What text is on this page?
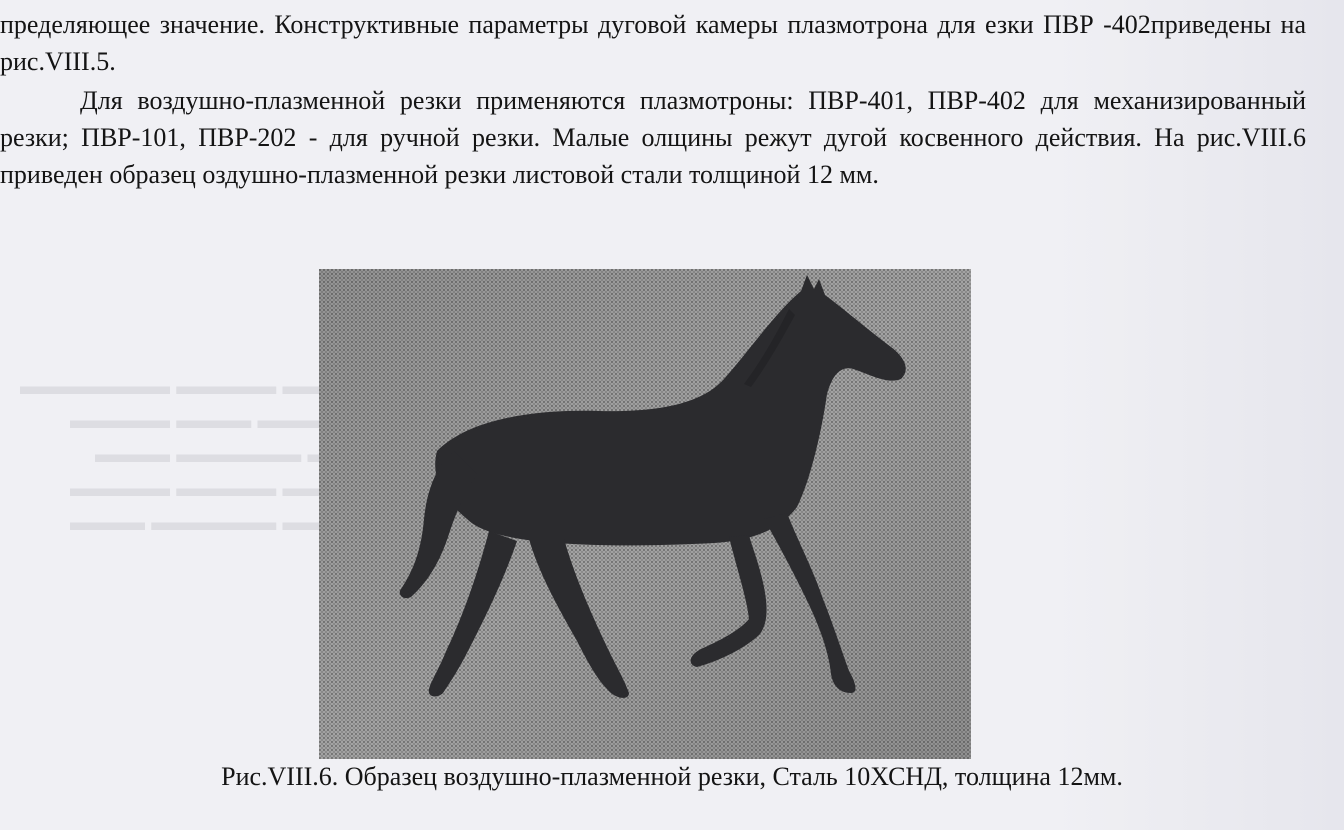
пределяющее значение. Конструктивные параметры дуговой камеры плазмотрона для езки ПВР -402приведены на рис.VIII.5.

Для воздушно-плазменной резки применяются плазмотроны: ПВР-401, ПВР-402 для механизированный резки; ПВР-101, ПВР-202 - для ручной резки. Малые олщины режут дугой косвенного действия. На рис.VIII.6 приведен образец оздушно-плазменной резки листовой стали толщиной 12 мм.

Рис.VIII.6. Образец воздушно-плазменной резки, Сталь 10ХСНД, толщина 12мм.
